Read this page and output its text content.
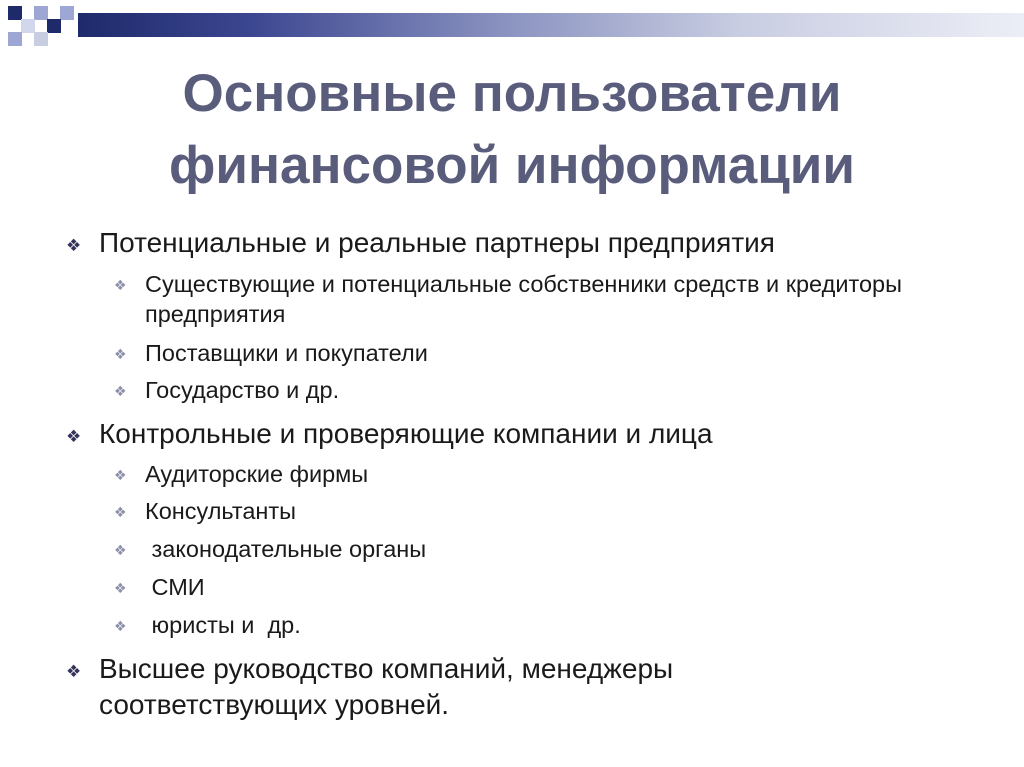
Основные пользователи
финансовой информации
❖ Потенциальные и реальные партнеры предприятия
❖ Существующие и потенциальные собственники средств и кредиторы предприятия
❖ Поставщики и покупатели
❖ Государство и др.
❖ Контрольные и проверяющие компании и лица
❖ Аудиторские фирмы
❖ Консультанты
❖ законодательные органы
❖ СМИ
❖ юристы и  др.
❖ Высшее руководство компаний, менеджеры соответствующих уровней.
